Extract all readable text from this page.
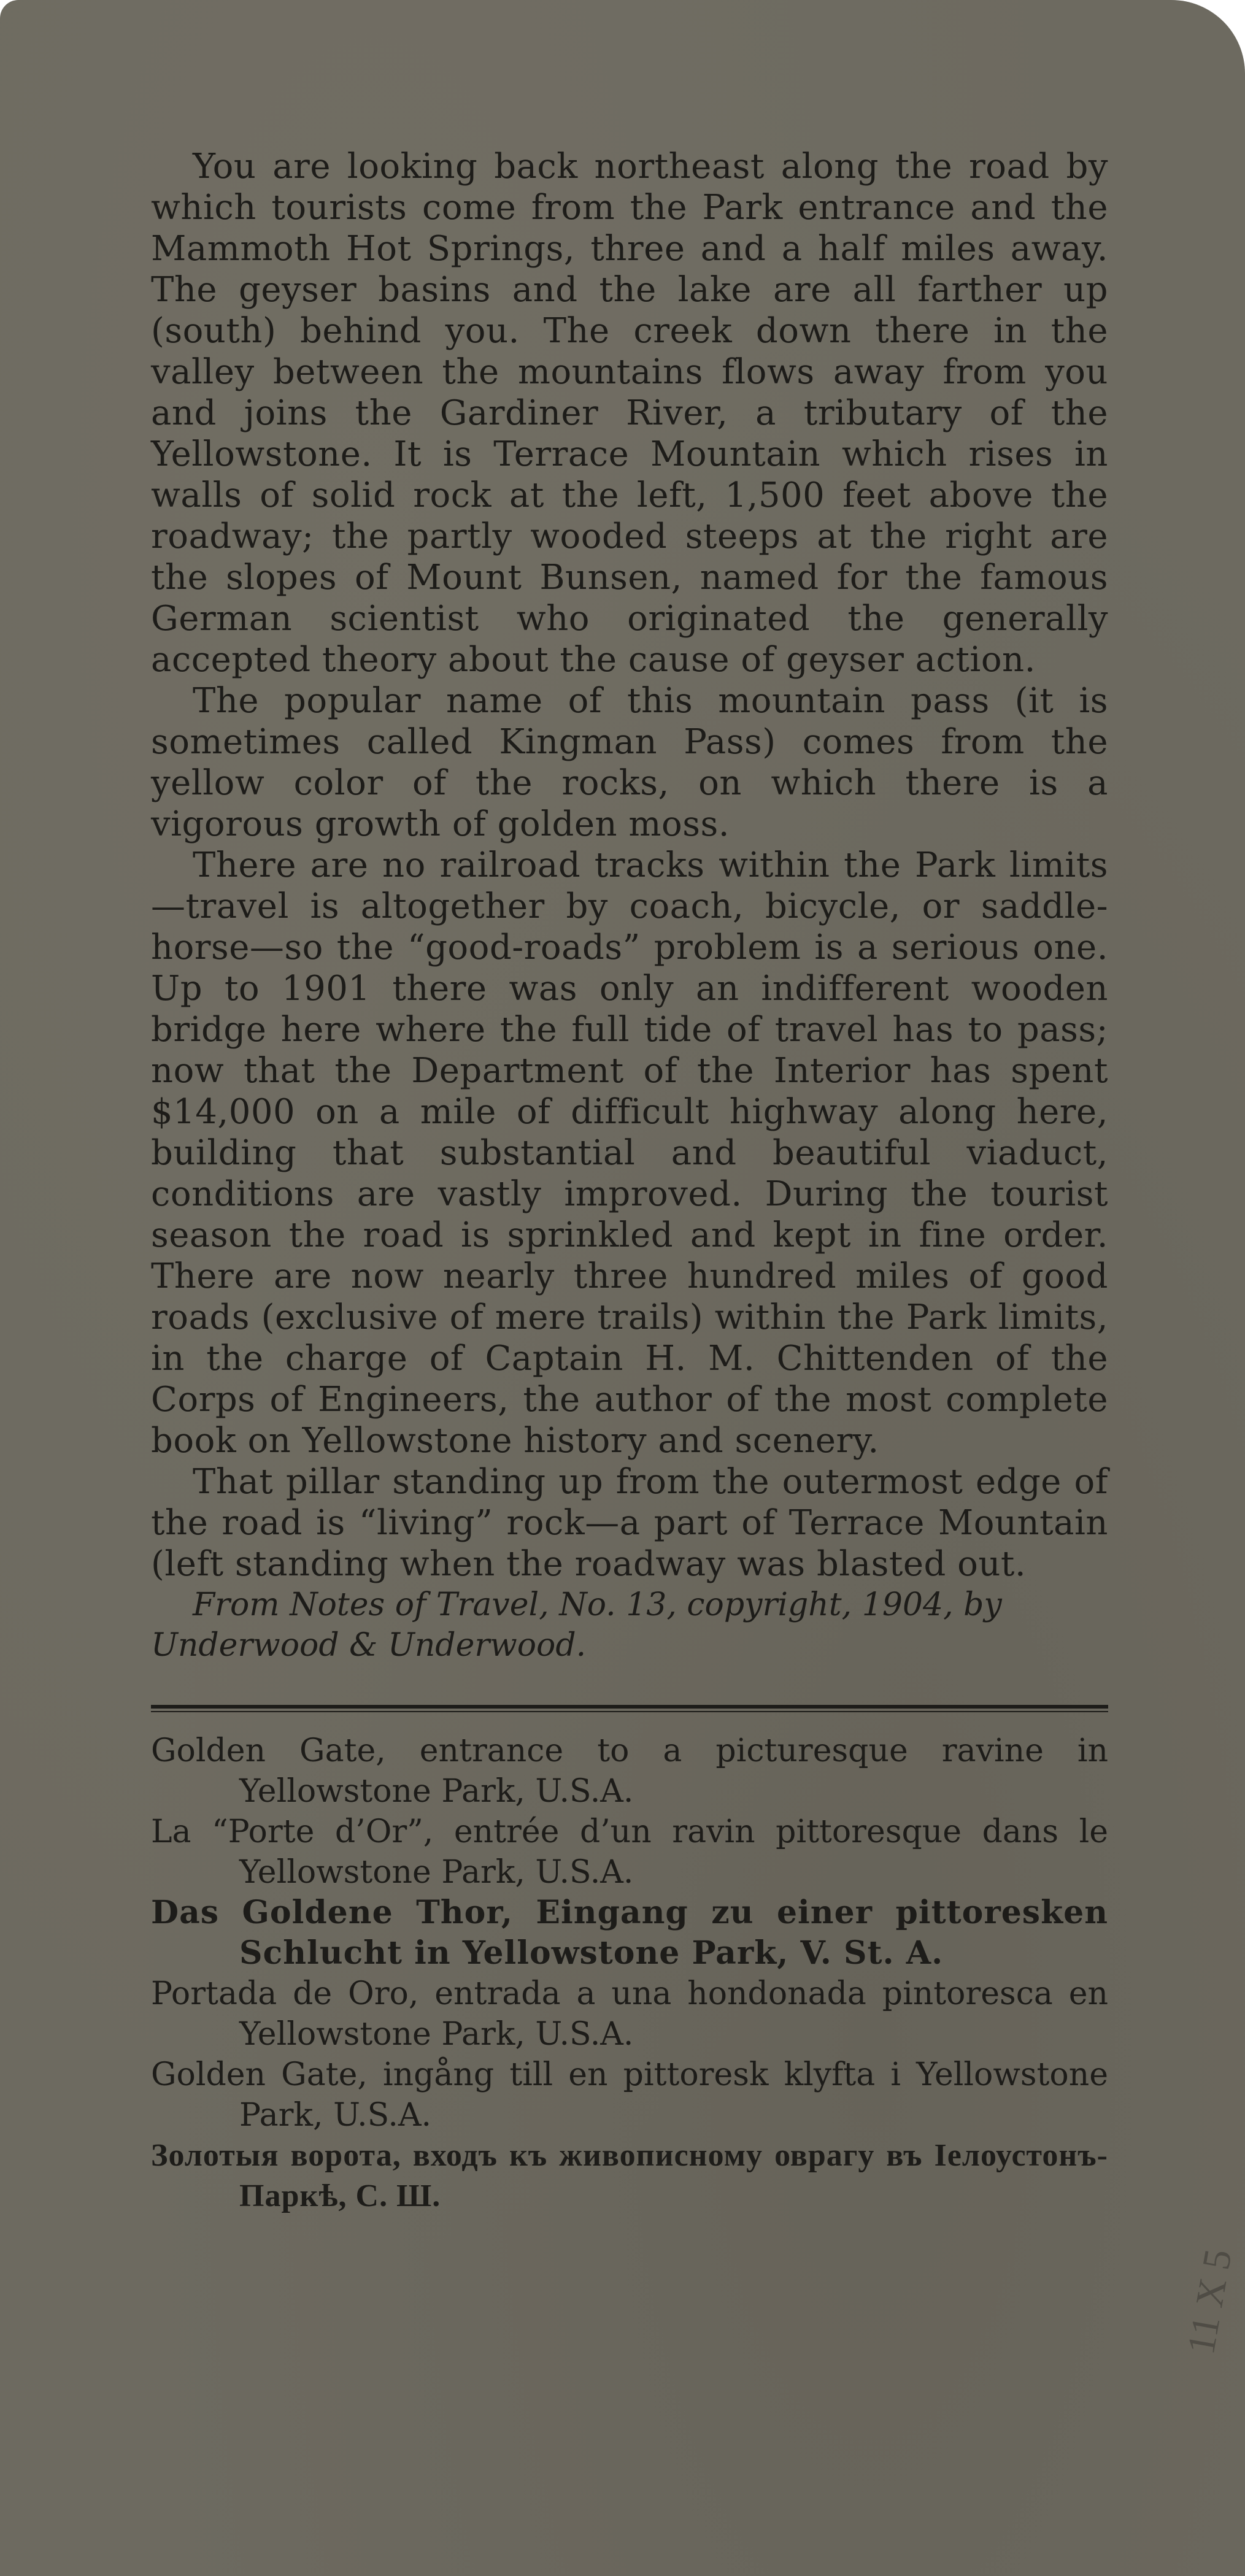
You are looking back northeast along the road by which tourists come from the Park entrance and the Mammoth Hot Springs, three and a half miles away. The geyser basins and the lake are all farther up (south) behind you. The creek down there in the valley between the mountains flows away from you and joins the Gardiner River, a tributary of the Yellowstone. It is Terrace Mountain which rises in walls of solid rock at the left, 1,500 feet above the roadway; the partly wooded steeps at the right are the slopes of Mount Bunsen, named for the famous German scientist who originated the generally accepted theory about the cause of geyser action.

The popular name of this mountain pass (it is sometimes called Kingman Pass) comes from the yellow color of the rocks, on which there is a vigorous growth of golden moss.

There are no railroad tracks within the Park limits—travel is altogether by coach, bicycle, or saddle-horse—so the “good-roads” problem is a serious one. Up to 1901 there was only an indifferent wooden bridge here where the full tide of travel has to pass; now that the Department of the Interior has spent $14,000 on a mile of difficult highway along here, building that substantial and beautiful viaduct, conditions are vastly improved. During the tourist season the road is sprinkled and kept in fine order. There are now nearly three hundred miles of good roads (exclusive of mere trails) within the Park limits, in the charge of Captain H. M. Chittenden of the Corps of Engineers, the author of the most complete book on Yellowstone history and scenery.

That pillar standing up from the outermost edge of the road is “living” rock—a part of Terrace Mountain (left standing when the roadway was blasted out.

From Notes of Travel, No. 13, copyright, 1904, by Underwood & Underwood.

Golden Gate, entrance to a picturesque ravine in Yellowstone Park, U.S.A.

La “Porte d’Or”, entrée d’un ravin pittoresque dans le Yellowstone Park, U.S.A.

Das Goldene Thor, Eingang zu einer pittoresken Schlucht in Yellowstone Park, V. St. A.

Portada de Oro, entrada a una hondonada pintoresca en Yellowstone Park, U.S.A.

Golden Gate, ingång till en pittoresk klyfta i Yellowstone Park, U.S.A.

Золотыя ворота, входъ къ живописному оврагу въ Іелоустонъ-Паркѣ, С. Ш.

11 X 5
